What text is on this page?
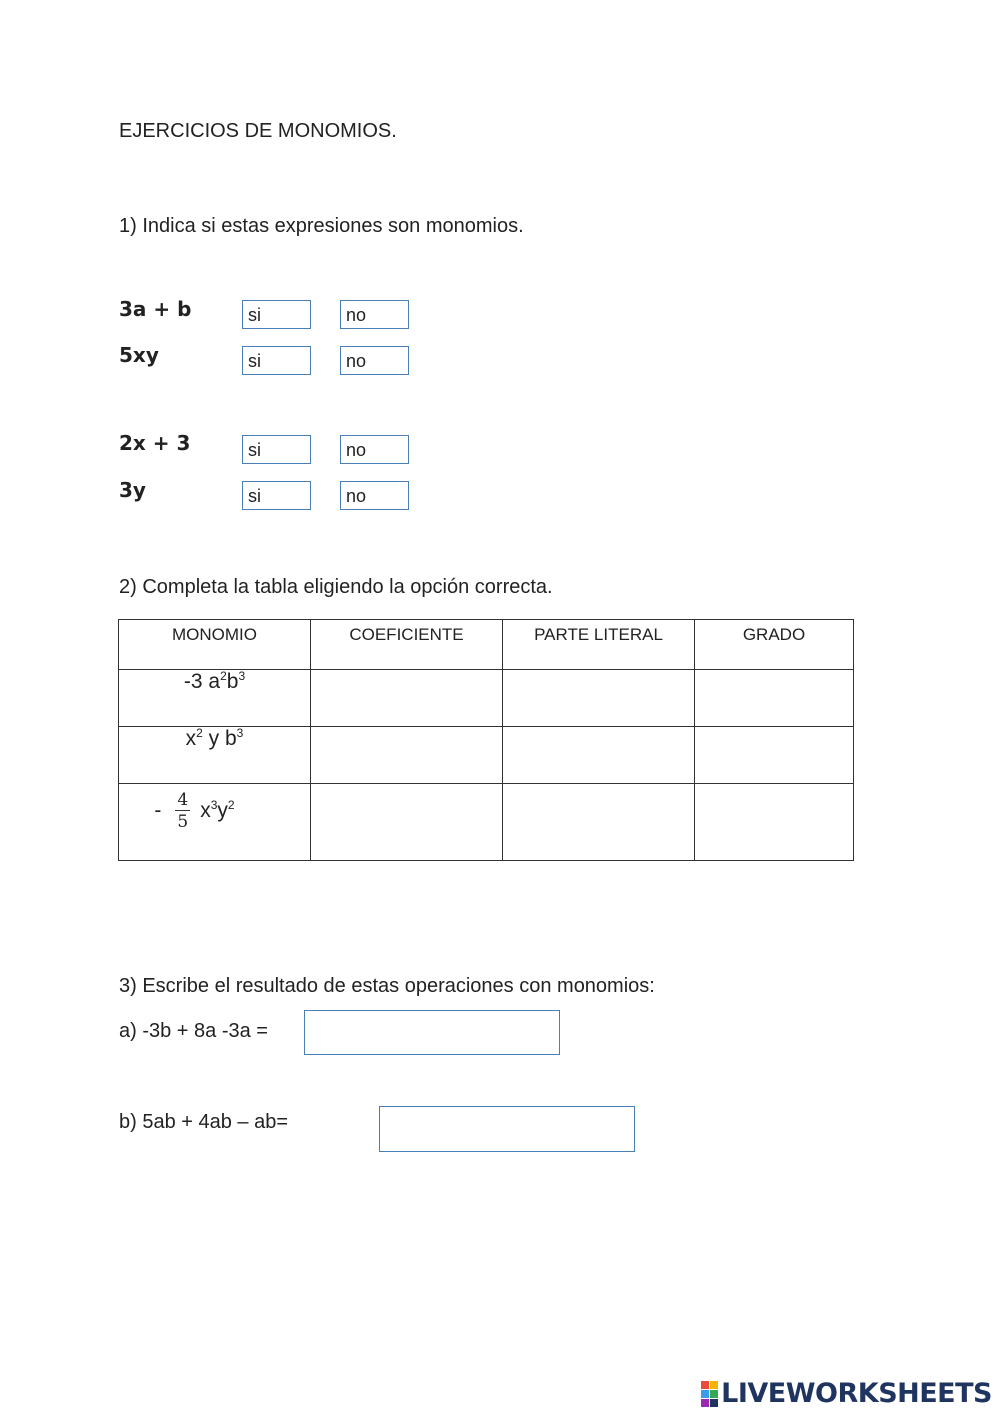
EJERCICIOS DE MONOMIOS.
1) Indica si estas expresiones son monomios.
3a + b	si	no
5xy	si	no
2x + 3	si	no
3y	si	no
2) Completa la tabla eligiendo la opción correcta.
MONOMIO	COEFICIENTE	PARTE LITERAL	GRADO
-3 $a^2b^3$			
$x^2$ y $b^3$			
- $\frac{4}{5} x^3y^2$			
3) Escribe el resultado de estas operaciones con monomios:
a) -3b + 8a -3a =
b) 5ab + 4ab – ab=
LIVEWORKSHEETS
